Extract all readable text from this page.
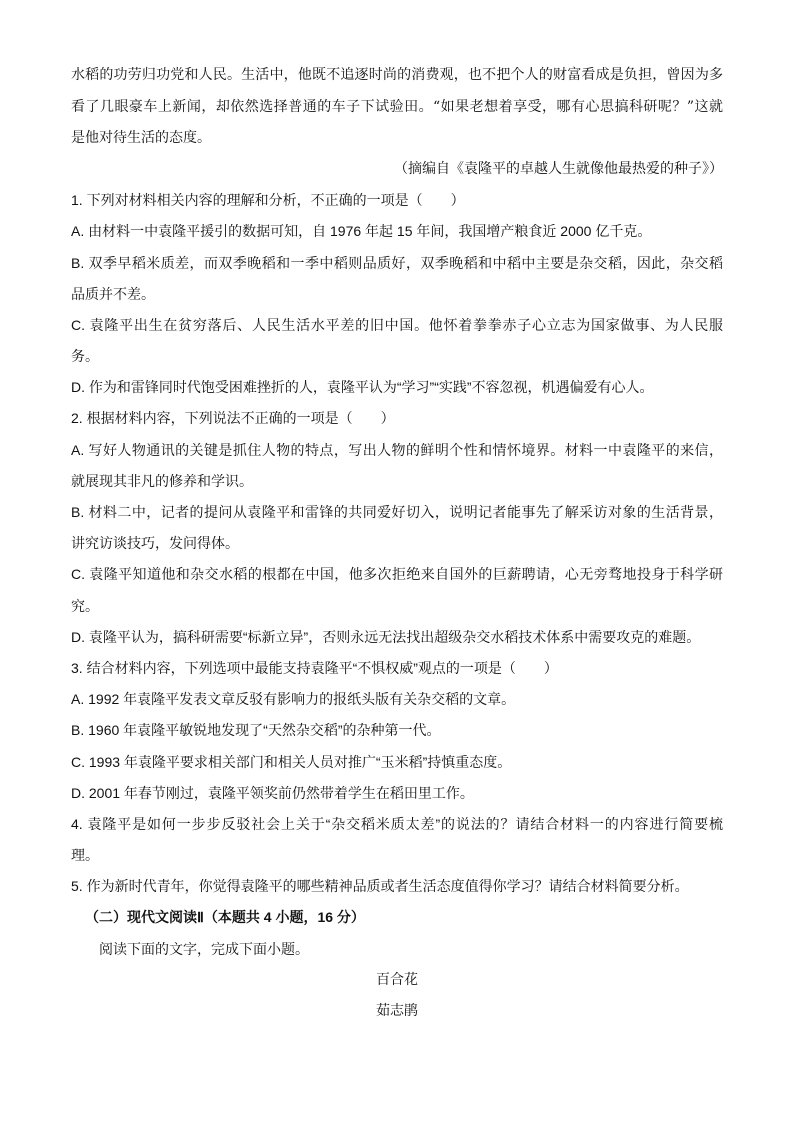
水稻的功劳归功党和人民。生活中，他既不追逐时尚的消费观，也不把个人的财富看成是负担，曾因为多
看了几眼豪车上新闻，却依然选择普通的车子下试验田。“如果老想着享受，哪有心思搞科研呢？”这就
是他对待生活的态度。
（摘编自《袁隆平的卓越人生就像他最热爱的种子》）
1. 下列对材料相关内容的理解和分析，不正确的一项是（　　）
A. 由材料一中袁隆平援引的数据可知，自 1976 年起 15 年间，我国增产粮食近 2000 亿千克。
B. 双季早稻米质差，而双季晚稻和一季中稻则品质好，双季晚稻和中稻中主要是杂交稻，因此，杂交稻
品质并不差。
C. 袁隆平出生在贫穷落后、人民生活水平差的旧中国。他怀着拳拳赤子心立志为国家做事、为人民服
务。
D. 作为和雷锋同时代饱受困难挫折的人，袁隆平认为“学习”“实践”不容忽视，机遇偏爱有心人。
2. 根据材料内容，下列说法不正确的一项是（　　）
A. 写好人物通讯的关键是抓住人物的特点，写出人物的鲜明个性和情怀境界。材料一中袁隆平的来信，
就展现其非凡的修养和学识。
B. 材料二中，记者的提问从袁隆平和雷锋的共同爱好切入，说明记者能事先了解采访对象的生活背景，
讲究访谈技巧，发问得体。
C. 袁隆平知道他和杂交水稻的根都在中国，他多次拒绝来自国外的巨薪聘请，心无旁骛地投身于科学研
究。
D. 袁隆平认为，搞科研需要“标新立异”，否则永远无法找出超级杂交水稻技术体系中需要攻克的难题。
3. 结合材料内容，下列选项中最能支持袁隆平“不惧权威”观点的一项是（　　）
A. 1992 年袁隆平发表文章反驳有影响力的报纸头版有关杂交稻的文章。
B. 1960 年袁隆平敏锐地发现了“天然杂交稻”的杂种第一代。
C. 1993 年袁隆平要求相关部门和相关人员对推广“玉米稻”持慎重态度。
D. 2001 年春节刚过，袁隆平领奖前仍然带着学生在稻田里工作。
4. 袁隆平是如何一步步反驳社会上关于“杂交稻米质太差”的说法的？请结合材料一的内容进行简要梳
理。
5. 作为新时代青年，你觉得袁隆平的哪些精神品质或者生活态度值得你学习？请结合材料简要分析。
（二）现代文阅读Ⅱ（本题共 4 小题，16 分）
阅读下面的文字，完成下面小题。
百合花
茹志鹃
